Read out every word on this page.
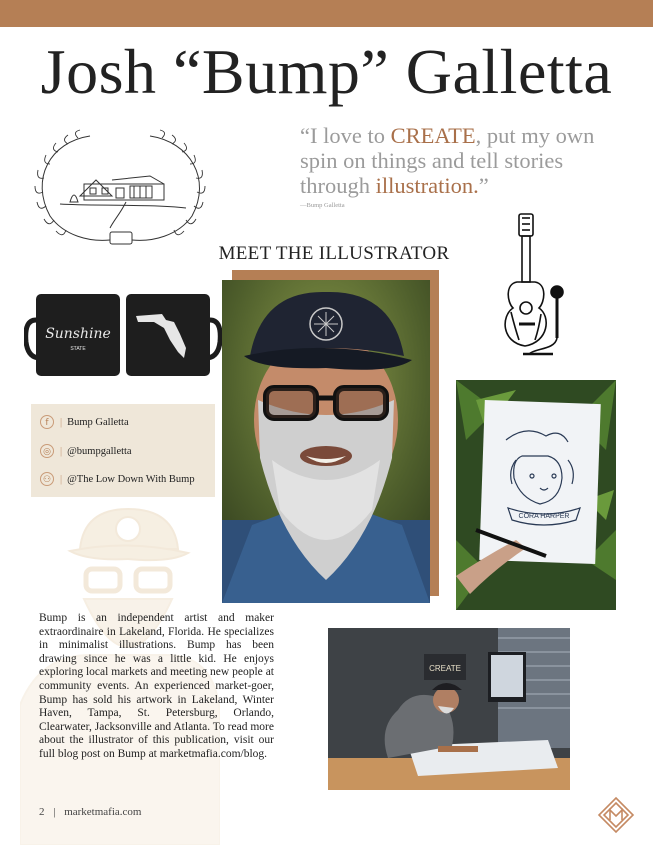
Josh “Bump” Galletta
“I love to CREATE, put my own spin on things and tell stories through illustration.”
—Bump Galletta
MEET THE ILLUSTRATOR
Sunshine
STATE
f	| Bump Galletta
◎ | @bumpgalletta
⚇ | @The Low Down With Bump
CORA HARPER
Bump is an independent artist and maker extraordinaire in Lakeland, Florida. He specializes in minimalist illustrations. Bump has been drawing since he was a little kid. He enjoys exploring local markets and meeting new people at community events. An experienced market-goer, Bump has sold his artwork in Lakeland, Winter Haven, Tampa, St. Petersburg, Orlando, Clearwater, Jacksonville and Atlanta. To read more about the illustrator of this publication, visit our full blog post on Bump at marketmafia.com/blog.
CREATE
2 | marketmafia.com
